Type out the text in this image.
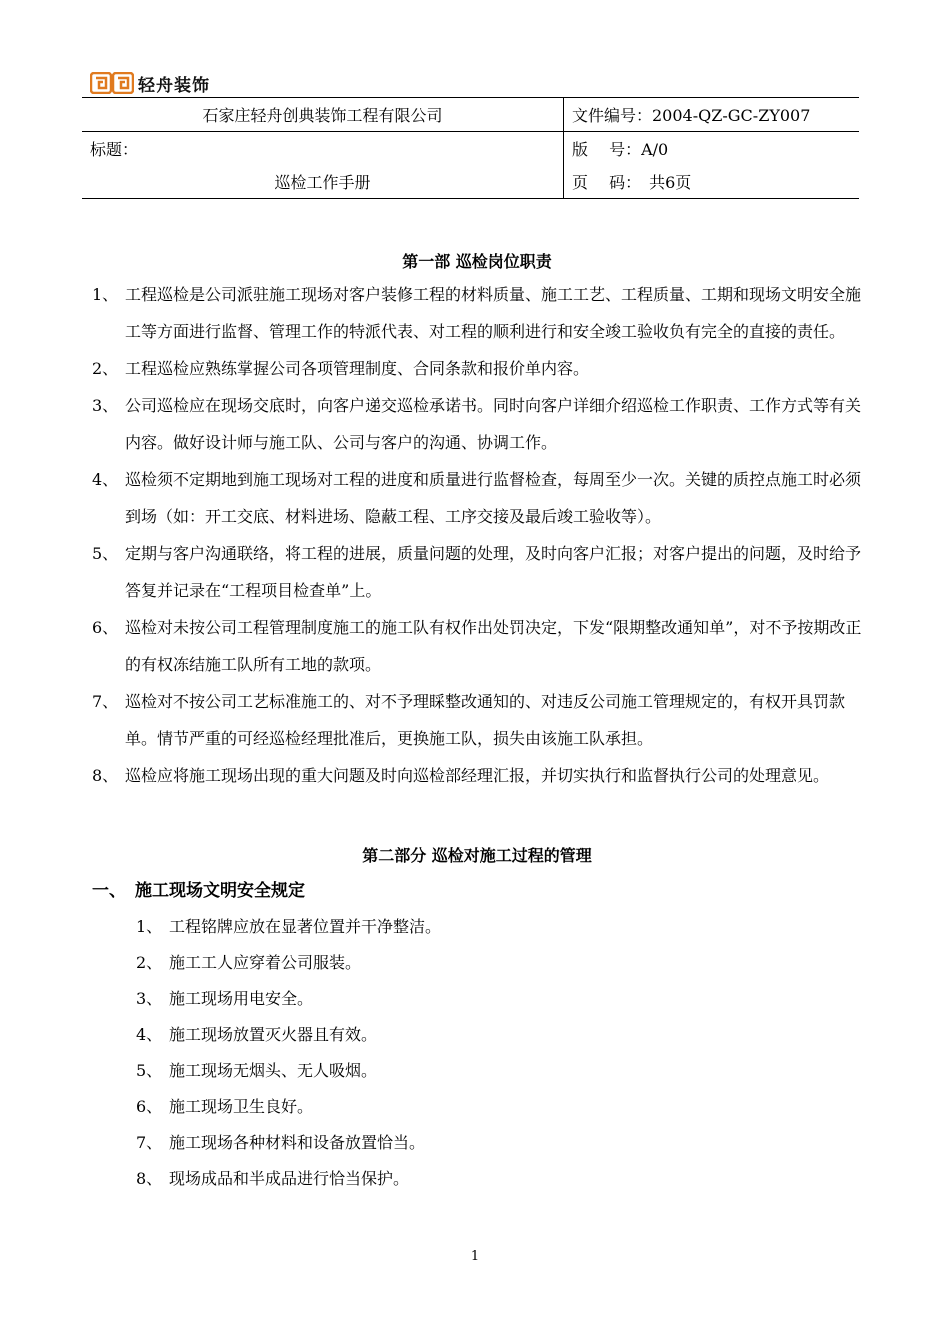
轻舟装饰
石家庄轻舟创典装饰工程有限公司	文件编号：2004-QZ-GC-ZY007
标题：	版　 号：A/0
巡检工作手册	页　 码：　共6页
第一部 巡检岗位职责
1、 工程巡检是公司派驻施工现场对客户装修工程的材料质量、施工工艺、工程质量、工期和现场文明安全施工等方面进行监督、管理工作的特派代表、对工程的顺利进行和安全竣工验收负有完全的直接的责任。
2、 工程巡检应熟练掌握公司各项管理制度、合同条款和报价单内容。
3、 公司巡检应在现场交底时，向客户递交巡检承诺书。同时向客户详细介绍巡检工作职责、工作方式等有关内容。做好设计师与施工队、公司与客户的沟通、协调工作。
4、 巡检须不定期地到施工现场对工程的进度和质量进行监督检查，每周至少一次。关键的质控点施工时必须到场（如：开工交底、材料进场、隐蔽工程、工序交接及最后竣工验收等）。
5、 定期与客户沟通联络，将工程的进展，质量问题的处理，及时向客户汇报；对客户提出的问题，及时给予答复并记录在“工程项目检查单”上。
6、 巡检对未按公司工程管理制度施工的施工队有权作出处罚决定，下发“限期整改通知单”，对不予按期改正的有权冻结施工队所有工地的款项。
7、 巡检对不按公司工艺标准施工的、对不予理睬整改通知的、对违反公司施工管理规定的，有权开具罚款单。情节严重的可经巡检经理批准后，更换施工队，损失由该施工队承担。
8、 巡检应将施工现场出现的重大问题及时向巡检部经理汇报，并切实执行和监督执行公司的处理意见。
第二部分 巡检对施工过程的管理
一、 施工现场文明安全规定
1、 工程铭牌应放在显著位置并干净整洁。
2、 施工工人应穿着公司服装。
3、 施工现场用电安全。
4、 施工现场放置灭火器且有效。
5、 施工现场无烟头、无人吸烟。
6、 施工现场卫生良好。
7、 施工现场各种材料和设备放置恰当。
8、 现场成品和半成品进行恰当保护。
1
